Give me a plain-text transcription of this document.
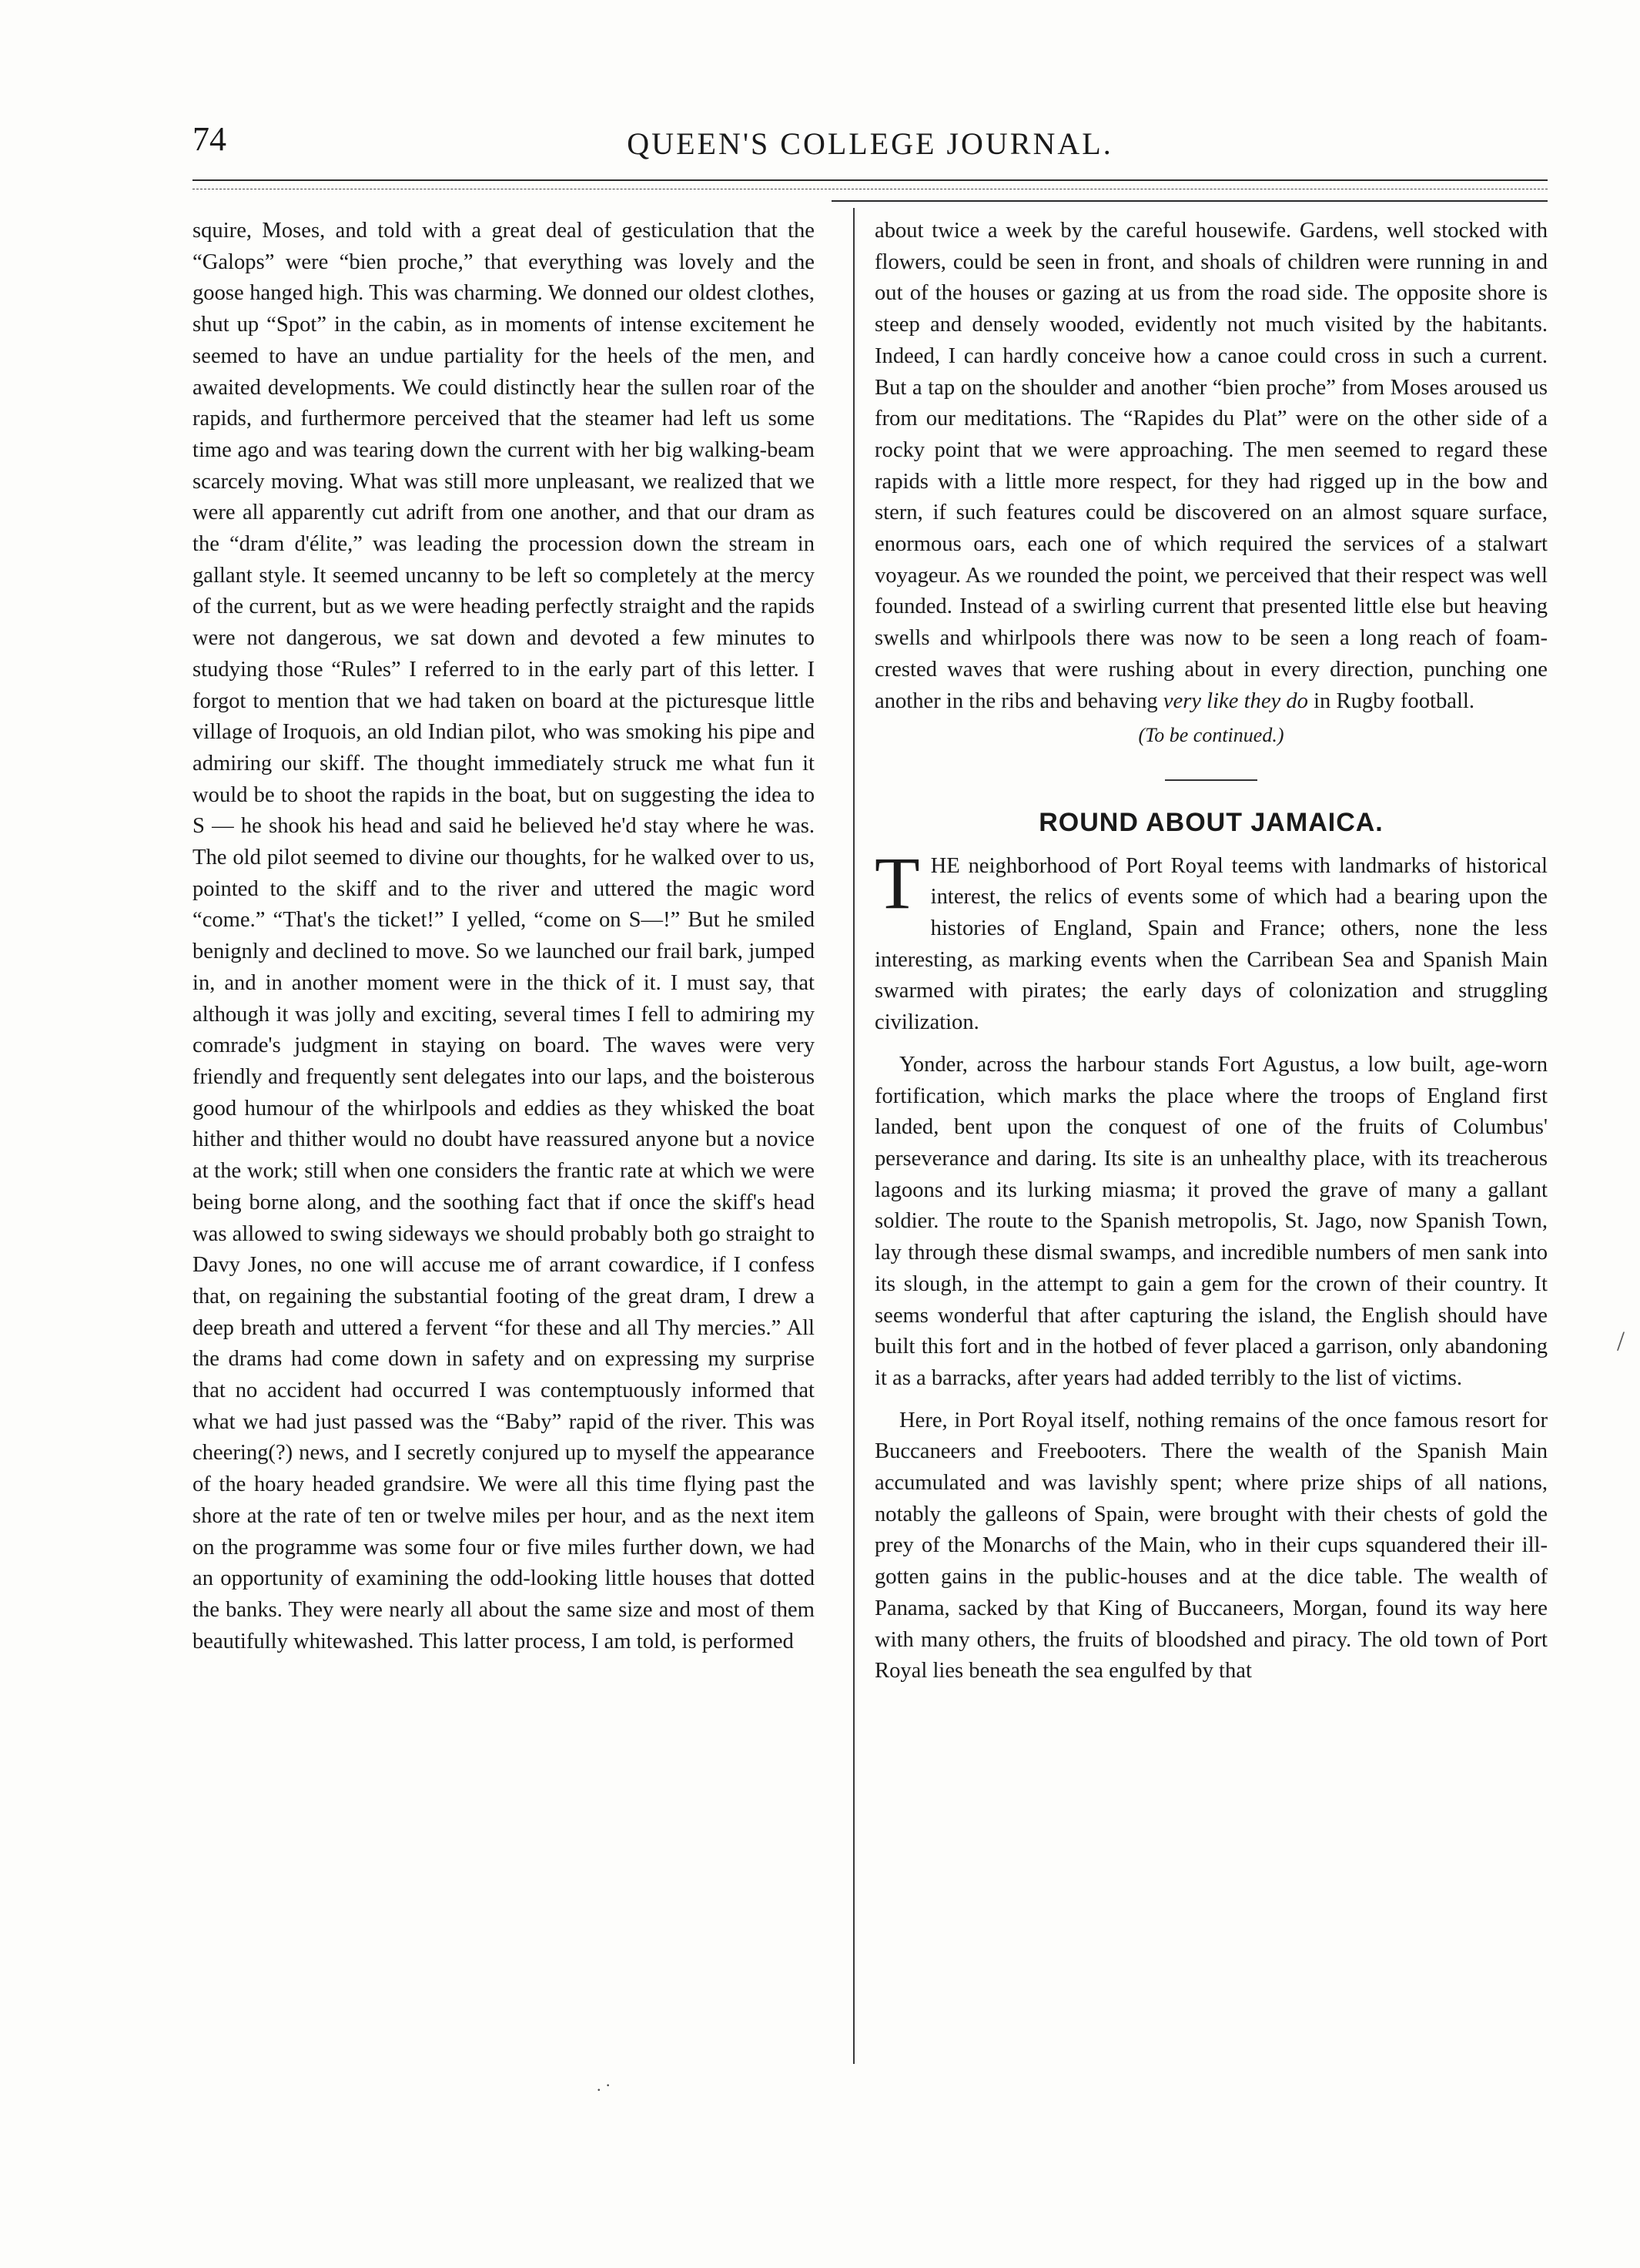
74	QUEEN'S COLLEGE JOURNAL.

squire, Moses, and told with a great deal of gesticulation that the “Galops” were “bien proche,” that everything was lovely and the goose hanged high. This was charming. We donned our oldest clothes, shut up “Spot” in the cabin, as in moments of intense excitement he seemed to have an undue partiality for the heels of the men, and awaited developments. We could distinctly hear the sullen roar of the rapids, and furthermore perceived that the steamer had left us some time ago and was tearing down the current with her big walking-beam scarcely moving. What was still more unpleasant, we realized that we were all apparently cut adrift from one another, and that our dram as the “dram d'élite,” was leading the procession down the stream in gallant style. It seemed uncanny to be left so completely at the mercy of the current, but as we were heading perfectly straight and the rapids were not dangerous, we sat down and devoted a few minutes to studying those “Rules” I referred to in the early part of this letter. I forgot to mention that we had taken on board at the picturesque little village of Iroquois, an old Indian pilot, who was smoking his pipe and admiring our skiff. The thought immediately struck me what fun it would be to shoot the rapids in the boat, but on suggesting the idea to S — he shook his head and said he believed he'd stay where he was. The old pilot seemed to divine our thoughts, for he walked over to us, pointed to the skiff and to the river and uttered the magic word “come.” “That's the ticket!” I yelled, “come on S—!” But he smiled benignly and declined to move. So we launched our frail bark, jumped in, and in another moment were in the thick of it. I must say, that although it was jolly and exciting, several times I fell to admiring my comrade's judgment in staying on board. The waves were very friendly and frequently sent delegates into our laps, and the boisterous good humour of the whirlpools and eddies as they whisked the boat hither and thither would no doubt have reassured anyone but a novice at the work; still when one considers the frantic rate at which we were being borne along, and the soothing fact that if once the skiff's head was allowed to swing sideways we should probably both go straight to Davy Jones, no one will accuse me of arrant cowardice, if I confess that, on regaining the substantial footing of the great dram, I drew a deep breath and uttered a fervent “for these and all Thy mercies.” All the drams had come down in safety and on expressing my surprise that no accident had occurred I was contemptuously informed that what we had just passed was the “Baby” rapid of the river. This was cheering(?) news, and I secretly conjured up to myself the appearance of the hoary headed grandsire. We were all this time flying past the shore at the rate of ten or twelve miles per hour, and as the next item on the programme was some four or five miles further down, we had an opportunity of examining the odd-looking little houses that dotted the banks. They were nearly all about the same size and most of them beautifully whitewashed. This latter process, I am told, is performed

about twice a week by the careful housewife. Gardens, well stocked with flowers, could be seen in front, and shoals of children were running in and out of the houses or gazing at us from the road side. The opposite shore is steep and densely wooded, evidently not much visited by the habitants. Indeed, I can hardly conceive how a canoe could cross in such a current. But a tap on the shoulder and another “bien proche” from Moses aroused us from our meditations. The “Rapides du Plat” were on the other side of a rocky point that we were approaching. The men seemed to regard these rapids with a little more respect, for they had rigged up in the bow and stern, if such features could be discovered on an almost square surface, enormous oars, each one of which required the services of a stalwart voyageur. As we rounded the point, we perceived that their respect was well founded. Instead of a swirling current that presented little else but heaving swells and whirlpools there was now to be seen a long reach of foam-crested waves that were rushing about in every direction, punching one another in the ribs and behaving very like they do in Rugby football.

(To be continued.)

ROUND ABOUT JAMAICA.

THE neighborhood of Port Royal teems with landmarks of historical interest, the relics of events some of which had a bearing upon the histories of England, Spain and France; others, none the less interesting, as marking events when the Carribean Sea and Spanish Main swarmed with pirates; the early days of colonization and struggling civilization.

Yonder, across the harbour stands Fort Agustus, a low built, age-worn fortification, which marks the place where the troops of England first landed, bent upon the conquest of one of the fruits of Columbus' perseverance and daring. Its site is an unhealthy place, with its treacherous lagoons and its lurking miasma; it proved the grave of many a gallant soldier. The route to the Spanish metropolis, St. Jago, now Spanish Town, lay through these dismal swamps, and incredible numbers of men sank into its slough, in the attempt to gain a gem for the crown of their country. It seems wonderful that after capturing the island, the English should have built this fort and in the hotbed of fever placed a garrison, only abandoning it as a barracks, after years had added terribly to the list of victims.

Here, in Port Royal itself, nothing remains of the once famous resort for Buccaneers and Freebooters. There the wealth of the Spanish Main accumulated and was lavishly spent; where prize ships of all nations, notably the galleons of Spain, were brought with their chests of gold the prey of the Monarchs of the Main, who in their cups squandered their ill-gotten gains in the public-houses and at the dice table. The wealth of Panama, sacked by that King of Buccaneers, Morgan, found its way here with many others, the fruits of bloodshed and piracy. The old town of Port Royal lies beneath the sea engulfed by that

/
. ·
